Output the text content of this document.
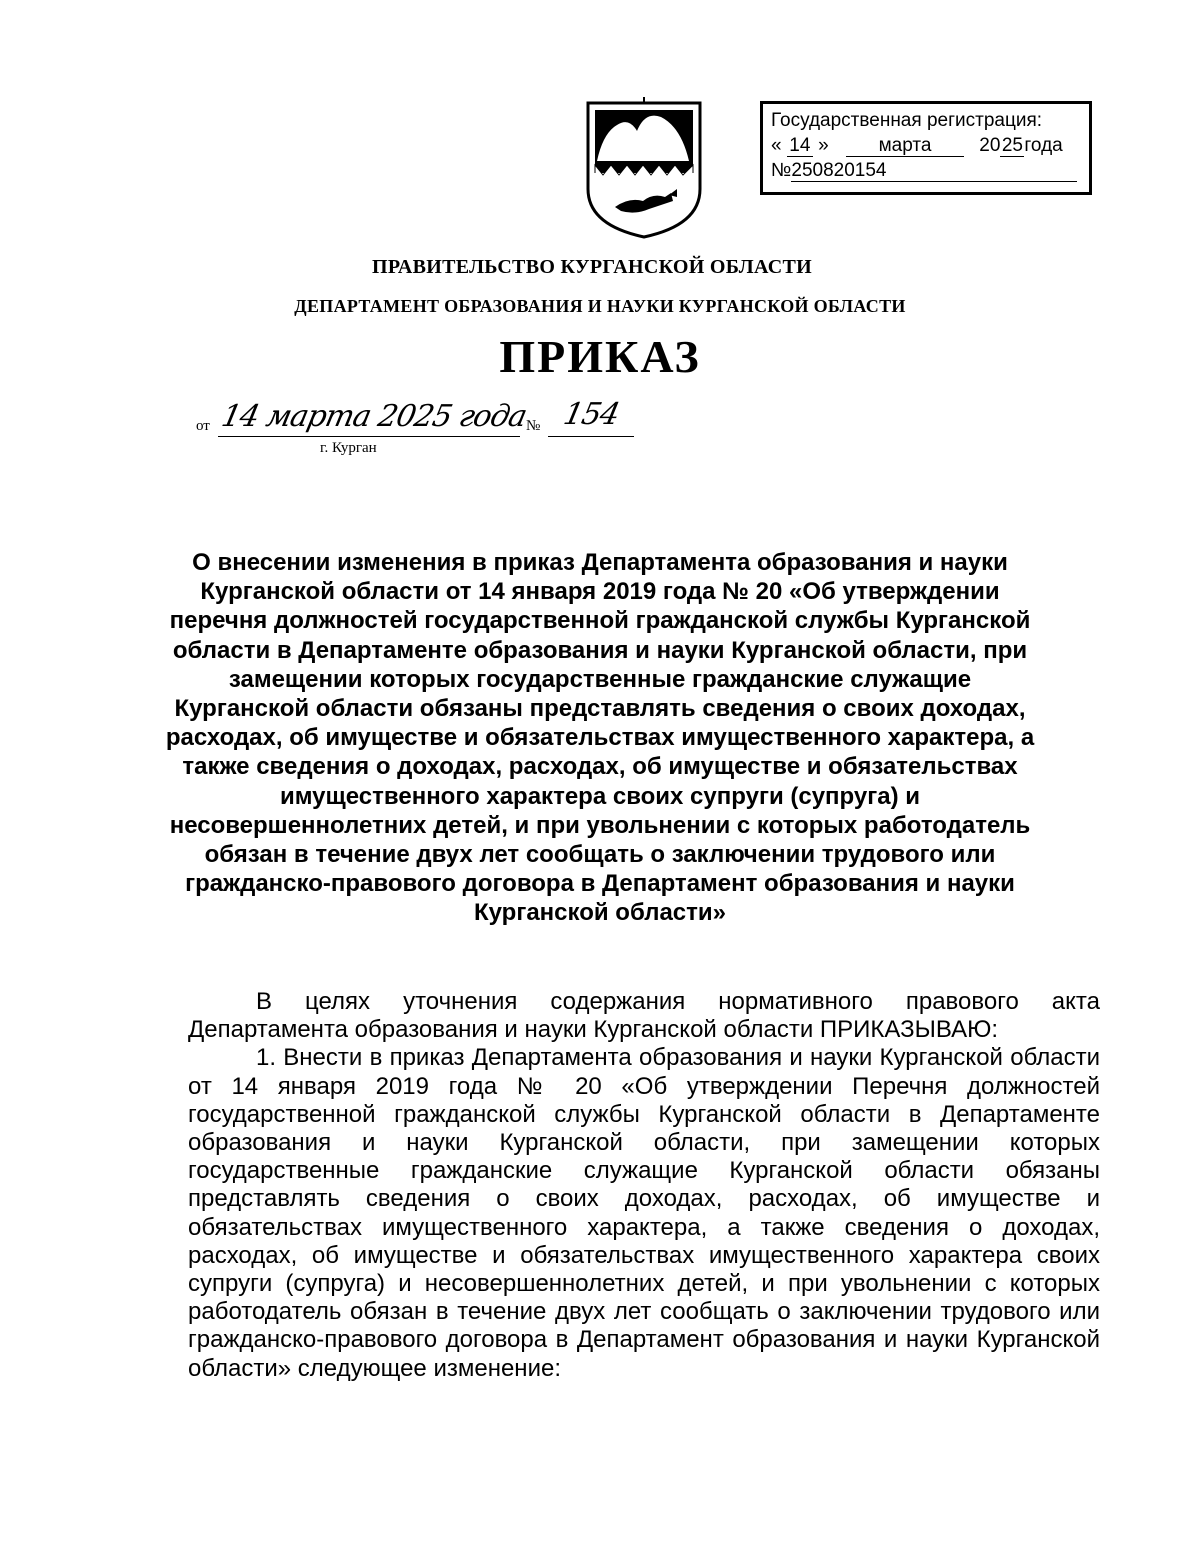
Государственная регистрация:
« 14 »	марта	2025года
№250820154
ПРАВИТЕЛЬСТВО КУРГАНСКОЙ ОБЛАСТИ
ДЕПАРТАМЕНТ ОБРАЗОВАНИЯ И НАУКИ КУРГАНСКОЙ ОБЛАСТИ
ПРИКАЗ
от 14 марта 2025 года
№ 154
г. Курган
О внесении изменения в приказ Департамента образования и науки Курганской области от 14 января 2019 года № 20 «Об утверждении перечня должностей государственной гражданской службы Курганской области в Департаменте образования и науки Курганской области, при замещении которых государственные гражданские служащие Курганской области обязаны представлять сведения о своих доходах, расходах, об имуществе и обязательствах имущественного характера, а также сведения о доходах, расходах, об имуществе и обязательствах имущественного характера своих супруги (супруга) и несовершеннолетних детей, и при увольнении с которых работодатель обязан в течение двух лет сообщать о заключении трудового или гражданско-правового договора в Департамент образования и науки Курганской области»

В целях уточнения содержания нормативного правового акта Департамента образования и науки Курганской области ПРИКАЗЫВАЮ:

1. Внести в приказ Департамента образования и науки Курганской области от 14 января 2019 года № 20 «Об утверждении Перечня должностей государственной гражданской службы Курганской области в Департаменте образования и науки Курганской области, при замещении которых государственные гражданские служащие Курганской области обязаны представлять сведения о своих доходах, расходах, об имуществе и обязательствах имущественного характера, а также сведения о доходах, расходах, об имуществе и обязательствах имущественного характера своих супруги (супруга) и несовершеннолетних детей, и при увольнении с которых работодатель обязан в течение двух лет сообщать о заключении трудового или гражданско-правового договора в Департамент образования и науки Курганской области» следующее изменение:
